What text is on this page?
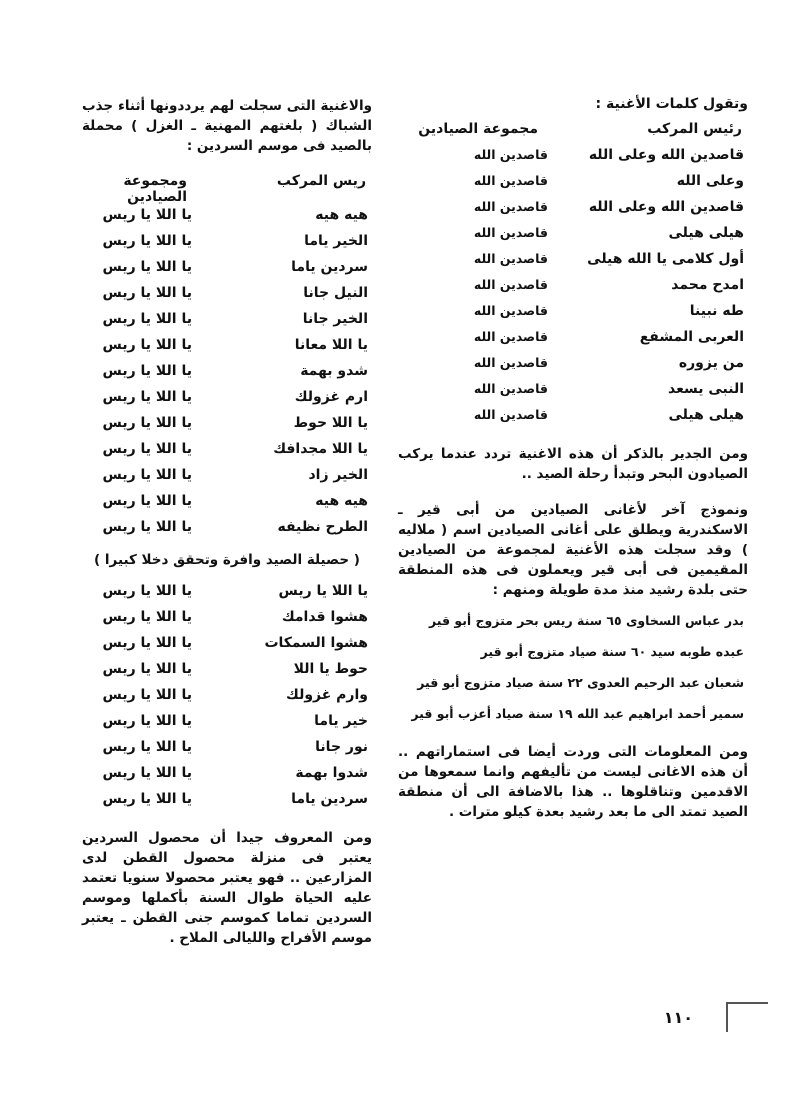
وتقول كلمات الأغنية :

رئيس المركب
مجموعة الصيادين
قاصدين الله وعلى الله
قاصدين الله
وعلى الله
قاصدين الله
قاصدين الله وعلى الله
قاصدين الله
هيلى هيلى
قاصدين الله
أول كلامى يا الله هيلى
قاصدين الله
امدح محمد
قاصدين الله
طه نبينا
قاصدين الله
العربى المشفع
قاصدين الله
من يزوره
قاصدين الله
النبى يسعد
قاصدين الله
هيلى هيلى
قاصدين الله

ومن الجدير بالذكر أن هذه الاغنية تردد عندما يركب الصيادون البحر وتبدأ رحلة الصيد ..

ونموذج آخر لأغانى الصيادين من أبى قير ـ الاسكندرية ويطلق على أغانى الصيادين اسم ( ملاليه ) وقد سجلت هذه الأغنية لمجموعة من الصيادين المقيمين فى أبى قير ويعملون فى هذه المنطقة حتى بلدة رشيد منذ مدة طويلة ومنهم :

بدر عباس السخاوى ٦٥ سنة ريس بحر متزوج أبو قير

عبده طوبه سيد ٦٠ سنة صياد متزوج أبو قير

شعبان عبد الرحيم العدوى ٢٢ سنة صياد متزوج أبو قير

سمير أحمد ابراهيم عبد الله ١٩ سنة صياد أعزب أبو قير

ومن المعلومات التى وردت أيضا فى استماراتهم .. أن هذه الاغانى ليست من تأليفهم وانما سمعوها من الاقدمين وتناقلوها .. هذا بالاضافة الى أن منطقة الصيد تمتد الى ما بعد رشيد بعدة كيلو مترات .

والاغنية التى سجلت لهم يرددونها أثناء جذب الشباك ( بلغتهم المهنية ـ الغزل ) محملة بالصيد فى موسم السردين :

ريس المركب
ومجموعة الصيادين
هيه هيه
يا اللا يا ريس
الخير ياما
يا اللا يا ريس
سردين ياما
يا اللا يا ريس
النيل جانا
يا اللا يا ريس
الخير جانا
يا اللا يا ريس
يا اللا معانا
يا اللا يا ريس
شدو بهمة
يا اللا يا ريس
ارم غزولك
يا اللا يا ريس
يا اللا حوط
يا اللا يا ريس
يا اللا مجدافك
يا اللا يا ريس
الخير زاد
يا اللا يا ريس
هيه هيه
يا اللا يا ريس
الطرح نظيفه
يا اللا يا ريس

( حصيلة الصيد وافرة وتحقق دخلا كبيرا )

يا اللا يا ريس
يا اللا يا ريس
هشوا قدامك
يا اللا يا ريس
هشوا السمكات
يا اللا يا ريس
حوط يا اللا
يا اللا يا ريس
وارم غزولك
يا اللا يا ريس
خير ياما
يا اللا يا ريس
نور جانا
يا اللا يا ريس
شدوا بهمة
يا اللا يا ريس
سردين ياما
يا اللا يا ريس

ومن المعروف جيدا أن محصول السردين يعتبر فى منزلة محصول القطن لدى المزارعين .. فهو يعتبر محصولا سنويا تعتمد عليه الحياة طوال السنة بأكملها وموسم السردين تماما كموسم جنى القطن ـ يعتبر موسم الأفراح والليالى الملاح .

١١٠
